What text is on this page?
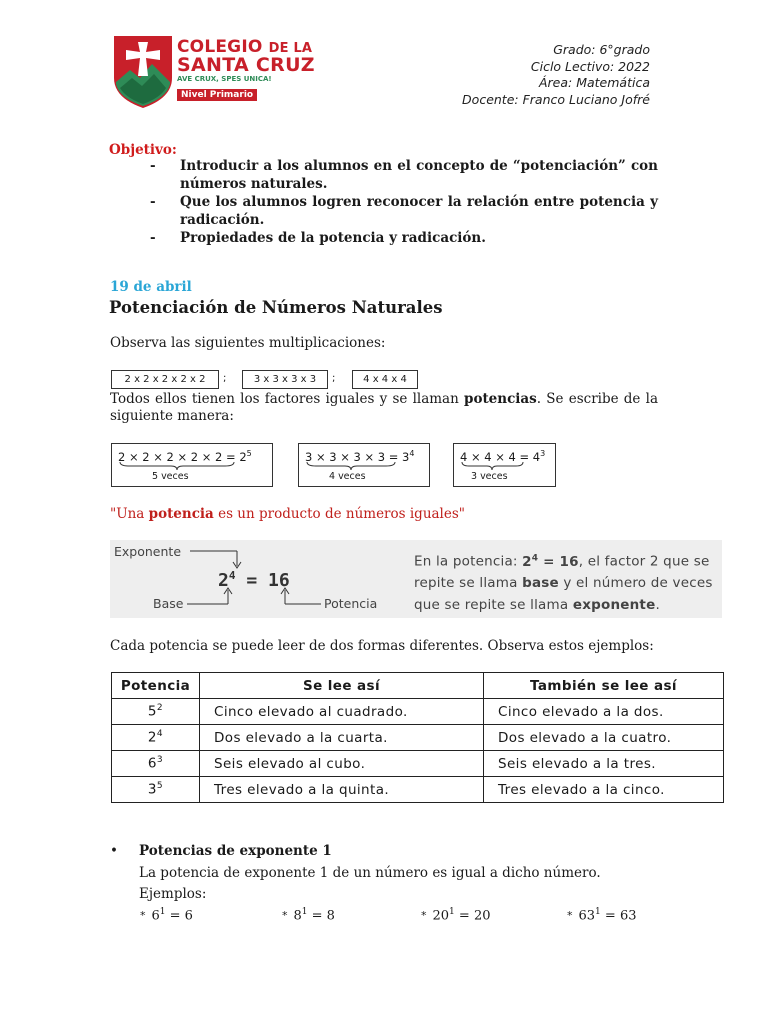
COLEGIO DE LA
SANTA CRUZ
AVE CRUX, SPES UNICA!
Nivel Primario
Grado: 6°grado
Ciclo Lectivo: 2022
Área: Matemática
Docente: Franco Luciano Jofré
Objetivo:
-	Introducir a los alumnos en el concepto de “potenciación” con números naturales.
-	Que los alumnos logren reconocer la relación entre potencia y radicación.
-	Propiedades de la potencia y radicación.
19 de abril
Potenciación de Números Naturales
Observa las siguientes multiplicaciones:
2 x 2 x 2 x 2 x 2	;	3 x 3 x 3 x 3	;	4 x 4 x 4
Todos ellos tienen los factores iguales y se llaman potencias. Se escribe de la siguiente manera:
$2 \times 2 \times 2 \times 2 \times 2 = 2^5$
5 veces
$3 \times 3 \times 3 \times 3 = 3^4$
4 veces
$4 \times 4 \times 4 = 4^3$
3 veces
"Una potencia es un producto de números iguales"
Exponente
Base	Potencia
$2^4 = 16$
En la potencia: $2^4 = 16$, el factor 2 que se repite se llama base y el número de veces que se repite se llama exponente.
Cada potencia se puede leer de dos formas diferentes. Observa estos ejemplos:
Potencia	Se lee así	También se lee así
$5^2$	Cinco elevado al cuadrado.	Cinco elevado a la dos.
$2^4$	Dos elevado a la cuarta.	Dos elevado a la cuatro.
$6^3$	Seis elevado al cubo.	Seis elevado a la tres.
$3^5$	Tres elevado a la quinta.	Tres elevado a la cinco.
• Potencias de exponente 1
La potencia de exponente 1 de un número es igual a dicho número.
Ejemplos:
* $6^1 = 6$	* $8^1 = 8$	* $20^1 = 20$	* $63^1 = 63$
